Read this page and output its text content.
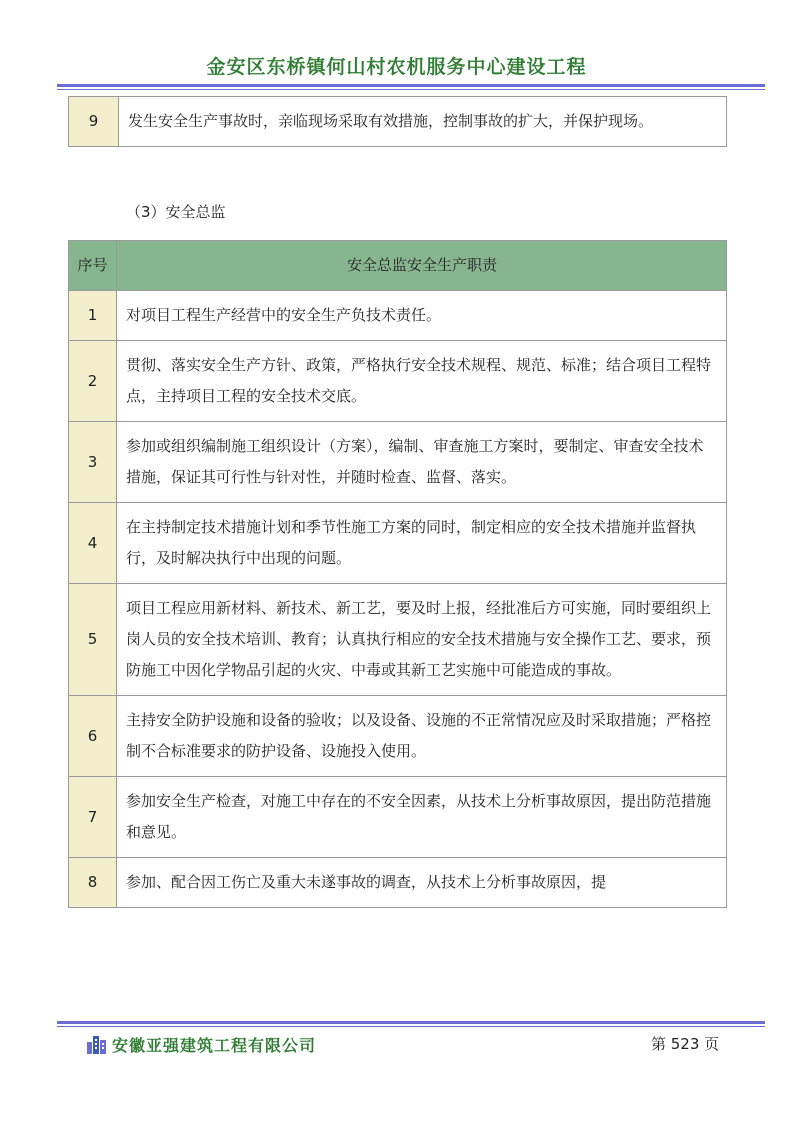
金安区东桥镇何山村农机服务中心建设工程
9	发生安全生产事故时，亲临现场采取有效措施，控制事故的扩大，并保护现场。
（3）安全总监
序号	安全总监安全生产职责
1	对项目工程生产经营中的安全生产负技术责任。
2	贯彻、落实安全生产方针、政策，严格执行安全技术规程、规范、标准；结合项目工程特点，主持项目工程的安全技术交底。
3	参加或组织编制施工组织设计（方案），编制、审查施工方案时，要制定、审查安全技术措施，保证其可行性与针对性，并随时检查、监督、落实。
4	在主持制定技术措施计划和季节性施工方案的同时，制定相应的安全技术措施并监督执行，及时解决执行中出现的问题。
5	项目工程应用新材料、新技术、新工艺，要及时上报，经批准后方可实施，同时要组织上岗人员的安全技术培训、教育；认真执行相应的安全技术措施与安全操作工艺、要求，预防施工中因化学物品引起的火灾、中毒或其新工艺实施中可能造成的事故。
6	主持安全防护设施和设备的验收；以及设备、设施的不正常情况应及时采取措施；严格控制不合标准要求的防护设备、设施投入使用。
7	参加安全生产检查，对施工中存在的不安全因素，从技术上分析事故原因，提出防范措施和意见。
8	参加、配合因工伤亡及重大未遂事故的调查，从技术上分析事故原因，提
安徽亚强建筑工程有限公司	第 523 页
